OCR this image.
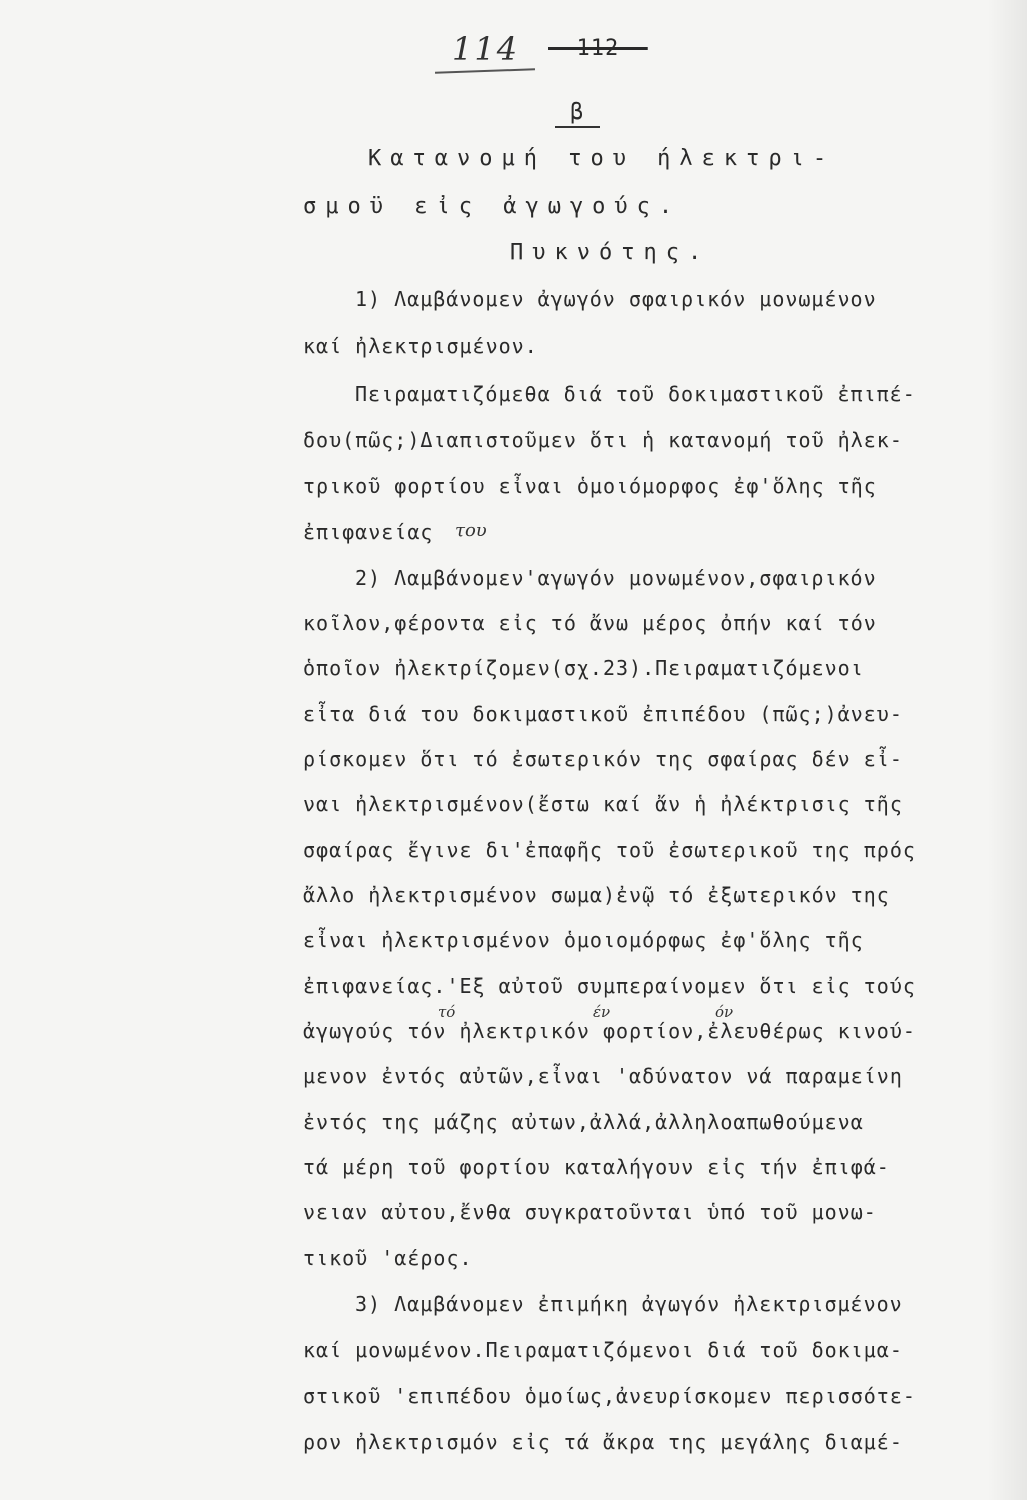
114 - 112 -
β
Κατανομή του ήλεκτρι-
σμοϋ εἰς ἀγωγούς.
Πυκνότης.
1) Λαμβάνομεν ἀγωγόν σφαιρικόν μονωμένον
καί ἠλεκτρισμένον.
Πειραματιζόμεθα διά τοῦ δοκιμαστικοῦ ἐπιπέ-
δου(πῶς;)Διαπιστοῦμεν ὅτι ἡ κατανομή τοῦ ἠλεκ-
τρικοῦ φορτίου εἶναι ὁμοιόμορφος ἐφ'ὅλης τῆς
ἐπιφανείας του
2) Λαμβάνομεν'αγωγόν μονωμένον,σφαιρικόν
κοῖλον,φέροντα εἰς τό ἄνω μέρος ὀπήν καί τόν
ὁποῖον ἠλεκτρίζομεν(σχ.23).Πειραματιζόμενοι
εἶτα διά του δοκιμαστικοῦ ἐπιπέδου (πῶς;)ἀνευ-
ρίσκομεν ὅτι τό ἐσωτερικόν της σφαίρας δέν εἶ-
ναι ἠλεκτρισμένον(ἔστω καί ἄν ἡ ἠλέκτρισις τῆς
σφαίρας ἔγινε δι'ἐπαφῆς τοῦ ἐσωτερικοῦ της πρός
ἄλλο ἠλεκτρισμένον σωμα)ἐνῷ τό ἐξωτερικόν της
εἶναι ἠλεκτρισμένον ὁμοιομόρφως ἐφ'ὅλης τῆς
ἐπιφανείας.'Εξ αὐτοῦ συμπεραίνομεν ὅτι εἰς τούς
τό	έν	όν
ἀγωγούς τόν ἠλεκτρικόν φορτίον,ἐλευθέρως κινού-
μενον ἐντός αὐτῶν,εἶναι 'αδύνατον νά παραμείνη
ἐντός της μάζης αὐτων,ἀλλά,ἀλληλοαπωθούμενα
τά μέρη τοῦ φορτίου καταλήγουν εἰς τήν ἐπιφά-
νειαν αὐτου,ἔνθα συγκρατοῦνται ὑπό τοῦ μονω-
τικοῦ 'αέρος.
3) Λαμβάνομεν ἐπιμήκη ἀγωγόν ἠλεκτρισμένον
καί μονωμένον.Πειραματιζόμενοι διά τοῦ δοκιμα-
στικοῦ 'επιπέδου ὁμοίως,ἀνευρίσκομεν περισσότε-
ρον ἠλεκτρισμόν εἰς τά ἄκρα της μεγάλης διαμέ-
